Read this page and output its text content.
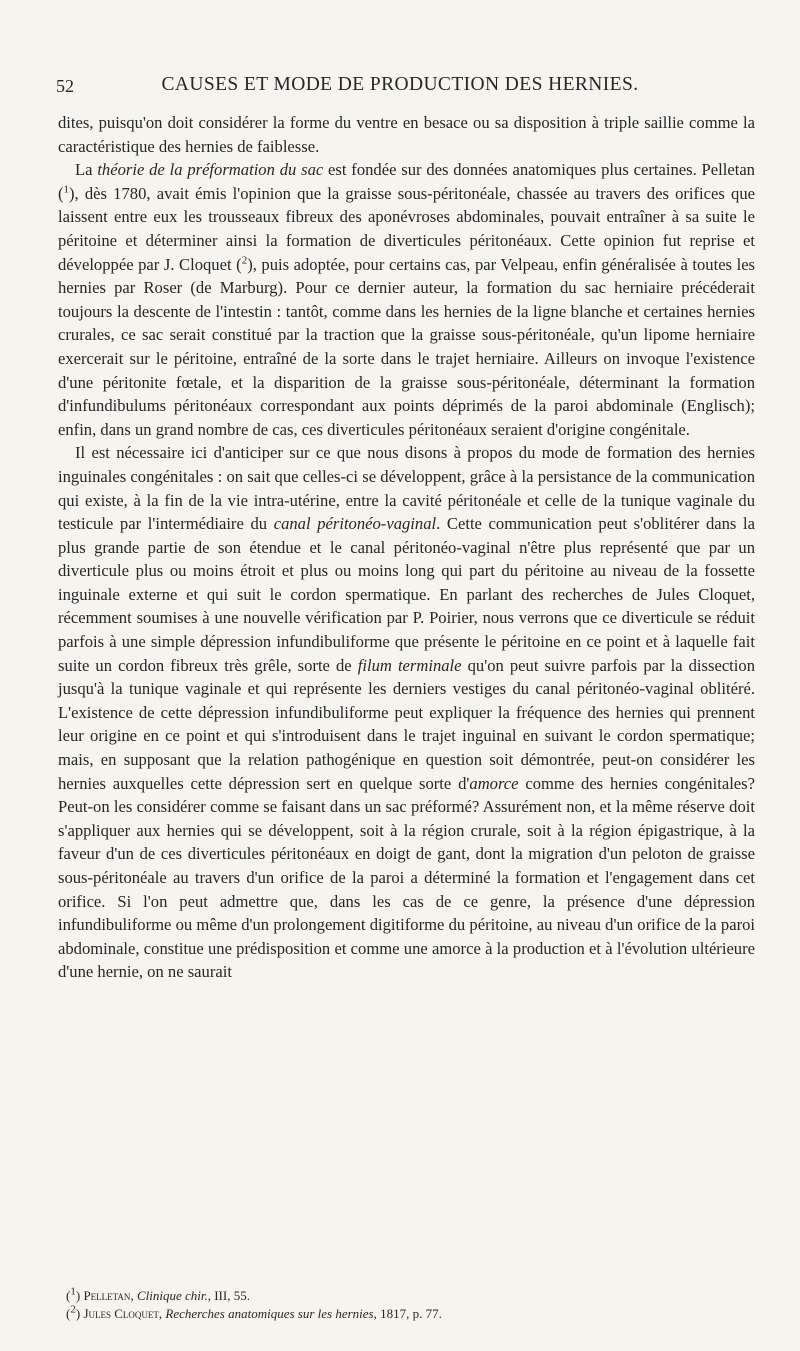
52	CAUSES ET MODE DE PRODUCTION DES HERNIES.

dites, puisqu'on doit considérer la forme du ventre en besace ou sa disposition à triple saillie comme la caractéristique des hernies de faiblesse.

La théorie de la préformation du sac est fondée sur des données anatomiques plus certaines. Pelletan ($^1$), dès 1780, avait émis l'opinion que la graisse sous-péritonéale, chassée au travers des orifices que laissent entre eux les trousseaux fibreux des aponévroses abdominales, pouvait entraîner à sa suite le péritoine et déterminer ainsi la formation de diverticules péritonéaux. Cette opinion fut reprise et développée par J. Cloquet ($^2$), puis adoptée, pour certains cas, par Velpeau, enfin généralisée à toutes les hernies par Roser (de Marburg). Pour ce dernier auteur, la formation du sac herniaire précéderait toujours la descente de l'intestin : tantôt, comme dans les hernies de la ligne blanche et certaines hernies crurales, ce sac serait constitué par la traction que la graisse sous-péritonéale, qu'un lipome herniaire exercerait sur le péritoine, entraîné de la sorte dans le trajet herniaire. Ailleurs on invoque l'existence d'une péritonite fœtale, et la disparition de la graisse sous-péritonéale, déterminant la formation d'infundibulums péritonéaux correspondant aux points déprimés de la paroi abdominale (Englisch); enfin, dans un grand nombre de cas, ces diverticules péritonéaux seraient d'origine congénitale.

Il est nécessaire ici d'anticiper sur ce que nous disons à propos du mode de formation des hernies inguinales congénitales : on sait que celles-ci se développent, grâce à la persistance de la communication qui existe, à la fin de la vie intra-utérine, entre la cavité péritonéale et celle de la tunique vaginale du testicule par l'intermédiaire du canal péritonéo-vaginal. Cette communication peut s'oblitérer dans la plus grande partie de son étendue et le canal péritonéo-vaginal n'être plus représenté que par un diverticule plus ou moins étroit et plus ou moins long qui part du péritoine au niveau de la fossette inguinale externe et qui suit le cordon spermatique. En parlant des recherches de Jules Cloquet, récemment soumises à une nouvelle vérification par P. Poirier, nous verrons que ce diverticule se réduit parfois à une simple dépression infundibuliforme que présente le péritoine en ce point et à laquelle fait suite un cordon fibreux très grêle, sorte de filum terminale qu'on peut suivre parfois par la dissection jusqu'à la tunique vaginale et qui représente les derniers vestiges du canal péritonéo-vaginal oblitéré. L'existence de cette dépression infundibuliforme peut expliquer la fréquence des hernies qui prennent leur origine en ce point et qui s'introduisent dans le trajet inguinal en suivant le cordon spermatique; mais, en supposant que la relation pathogénique en question soit démontrée, peut-on considérer les hernies auxquelles cette dépression sert en quelque sorte d'amorce comme des hernies congénitales? Peut-on les considérer comme se faisant dans un sac préformé? Assurément non, et la même réserve doit s'appliquer aux hernies qui se développent, soit à la région crurale, soit à la région épigastrique, à la faveur d'un de ces diverticules péritonéaux en doigt de gant, dont la migration d'un peloton de graisse sous-péritonéale au travers d'un orifice de la paroi a déterminé la formation et l'engagement dans cet orifice. Si l'on peut admettre que, dans les cas de ce genre, la présence d'une dépression infundibuliforme ou même d'un prolongement digitiforme du péritoine, au niveau d'un orifice de la paroi abdominale, constitue une prédisposition et comme une amorce à la production et à l'évolution ultérieure d'une hernie, on ne saurait

($^1$) Pelletan, Clinique chir., III, 55.
($^2$) Jules Cloquet, Recherches anatomiques sur les hernies, 1817, p. 77.
